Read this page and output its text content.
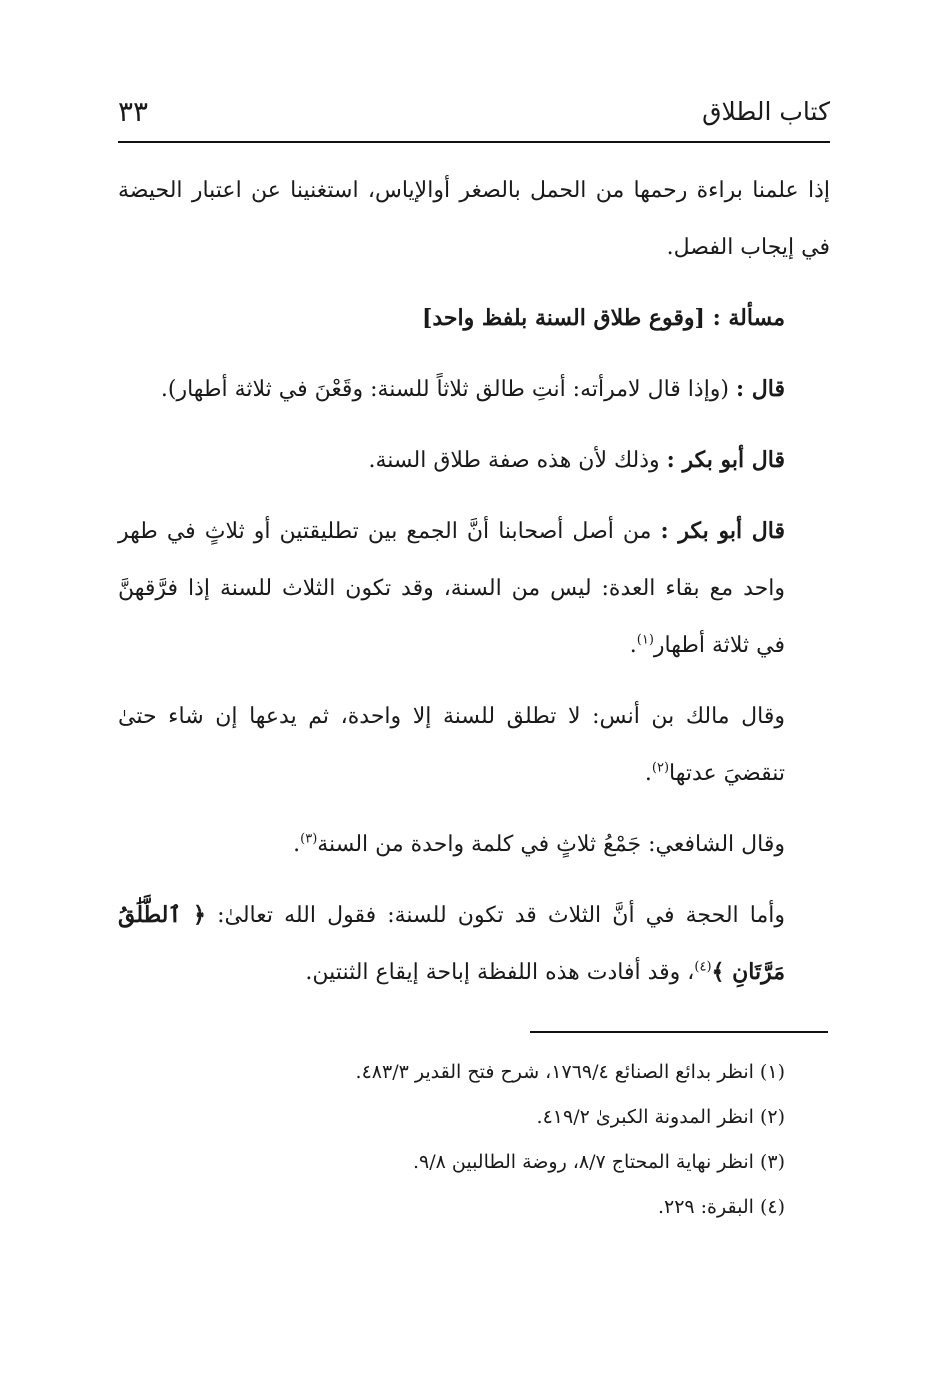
كتاب الطلاق
٣٣

إذا علمنا براءة رحمها من الحمل بالصغر أوالإياس، استغنينا عن اعتبار الحيضة في إيجاب الفصل.

مسألة : [وقوع طلاق السنة بلفظ واحد]

قال : (وإذا قال لامرأته: أنتِ طالق ثلاثاً للسنة: وقَعْنَ في ثلاثة أطهار).

قال أبو بكر : وذلك لأن هذه صفة طلاق السنة.

قال أبو بكر : من أصل أصحابنا أنَّ الجمع بين تطليقتين أو ثلاثٍ في طهر واحد مع بقاء العدة: ليس من السنة، وقد تكون الثلاث للسنة إذا فرَّقهنَّ في ثلاثة أطهار$^{(١)}$.

وقال مالك بن أنس: لا تطلق للسنة إلا واحدة، ثم يدعها إن شاء حتىٰ تنقضيَ عدتها$^{(٢)}$.

وقال الشافعي: جَمْعُ ثلاثٍ في كلمة واحدة من السنة$^{(٣)}$.

وأما الحجة في أنَّ الثلاث قد تكون للسنة: فقول الله تعالىٰ: ﴿ ٱلطَّلَٰقُ مَرَّتَانِ ﴾$^{(٤)}$، وقد أفادت هذه اللفظة إباحة إيقاع الثنتين.

(١) انظر بدائع الصنائع ١٧٦٩/٤، شرح فتح القدير ٤٨٣/٣.
(٢) انظر المدونة الكبرىٰ ٤١٩/٢.
(٣) انظر نهاية المحتاج ٨/٧، روضة الطالبين ٩/٨.
(٤) البقرة: ٢٢٩.
